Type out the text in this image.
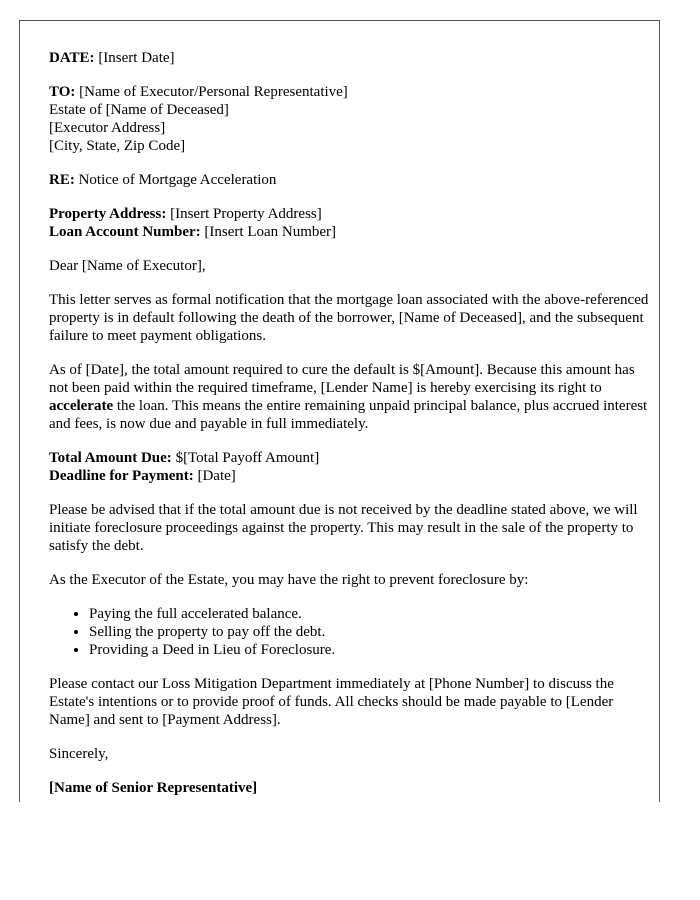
DATE: [Insert Date]

TO: [Name of Executor/Personal Representative]
Estate of [Name of Deceased]
[Executor Address]
[City, State, Zip Code]

RE: Notice of Mortgage Acceleration

Property Address: [Insert Property Address]
Loan Account Number: [Insert Loan Number]

Dear [Name of Executor],

This letter serves as formal notification that the mortgage loan associated with the above-referenced property is in default following the death of the borrower, [Name of Deceased], and the subsequent failure to meet payment obligations.

As of [Date], the total amount required to cure the default is $[Amount]. Because this amount has not been paid within the required timeframe, [Lender Name] is hereby exercising its right to accelerate the loan. This means the entire remaining unpaid principal balance, plus accrued interest and fees, is now due and payable in full immediately.

Total Amount Due: $[Total Payoff Amount]
Deadline for Payment: [Date]

Please be advised that if the total amount due is not received by the deadline stated above, we will initiate foreclosure proceedings against the property. This may result in the sale of the property to satisfy the debt.

As the Executor of the Estate, you may have the right to prevent foreclosure by:

• Paying the full accelerated balance.
• Selling the property to pay off the debt.
• Providing a Deed in Lieu of Foreclosure.

Please contact our Loss Mitigation Department immediately at [Phone Number] to discuss the Estate's intentions or to provide proof of funds. All checks should be made payable to [Lender Name] and sent to [Payment Address].

Sincerely,

[Name of Senior Representative]
